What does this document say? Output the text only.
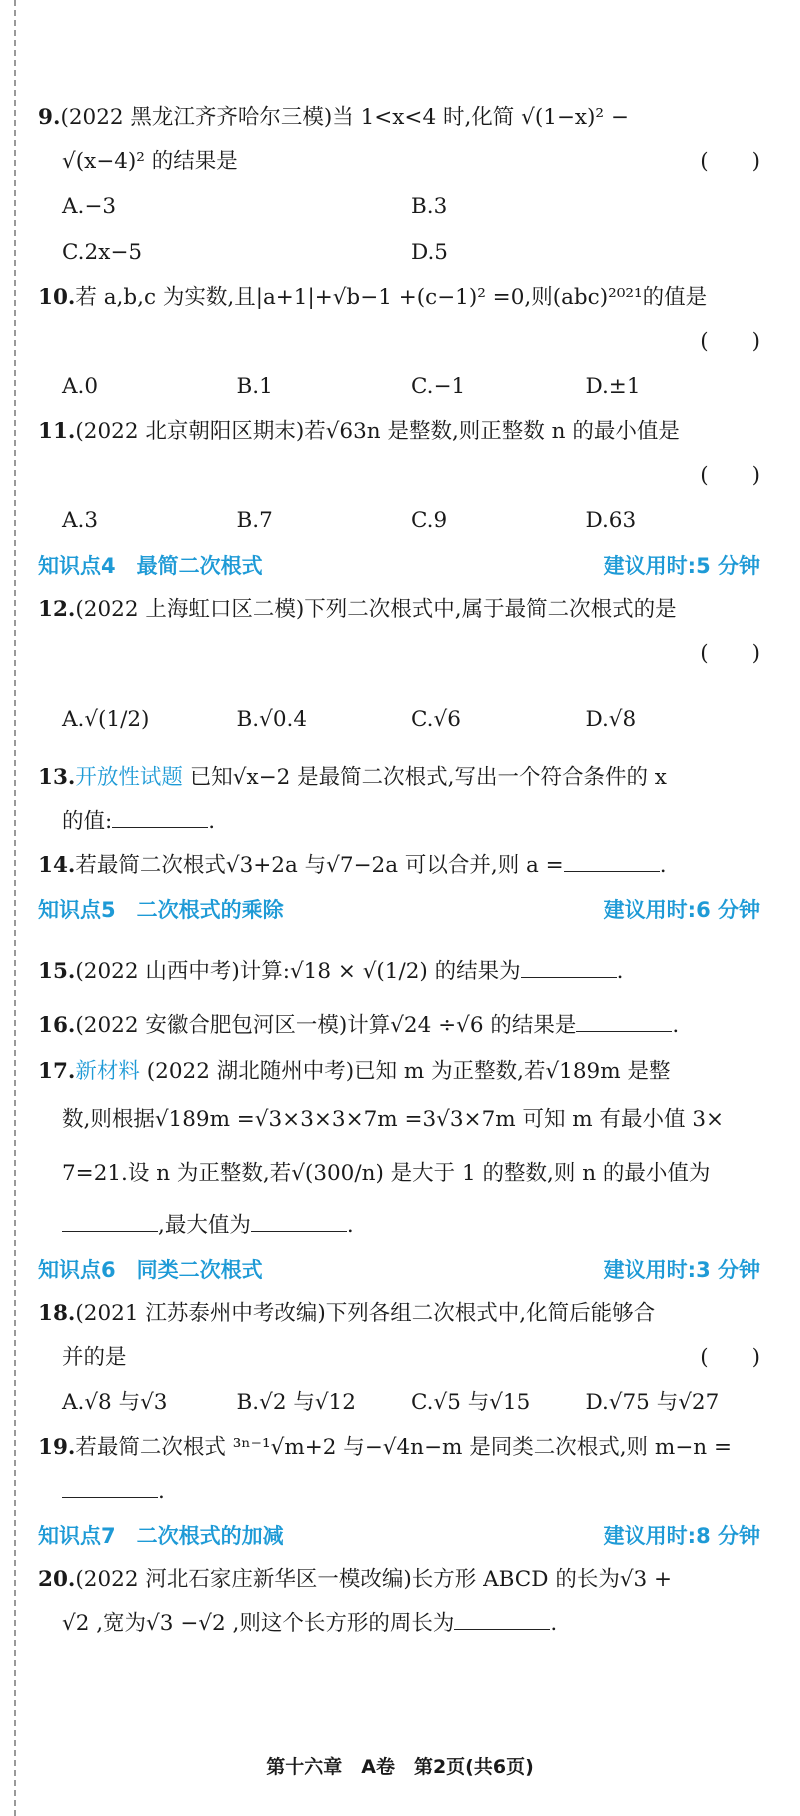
9.(2022 黑龙江齐齐哈尔三模)当 1<x<4 时,化简 √(1−x)² −
√(x−4)² 的结果是	(　　)
A.−3	B.3
C.2x−5	D.5
10.若 a,b,c 为实数,且|a+1|+√b−1 +(c−1)² =0,则(abc)²⁰²¹的值是
(　　)
A.0	B.1	C.−1	D.±1
11.(2022 北京朝阳区期末)若√63n 是整数,则正整数 n 的最小值是
(　　)
A.3	B.7	C.9	D.63
知识点4　最简二次根式	建议用时:5 分钟
12.(2022 上海虹口区二模)下列二次根式中,属于最简二次根式的是
(　　)
A.√(1/2)	B.√0.4	C.√6	D.√8
13.开放性试题 已知√x−2 是最简二次根式,写出一个符合条件的 x
的值:	.
14.若最简二次根式√3+2a 与√7−2a 可以合并,则 a =	.
知识点5　二次根式的乘除	建议用时:6 分钟
15.(2022 山西中考)计算:√18 × √(1/2) 的结果为	.
16.(2022 安徽合肥包河区一模)计算√24 ÷√6 的结果是	.
17.新材料 (2022 湖北随州中考)已知 m 为正整数,若√189m 是整
数,则根据√189m =√3×3×3×7m =3√3×7m 可知 m 有最小值 3×
7=21.设 n 为正整数,若√(300/n) 是大于 1 的整数,则 n 的最小值为
,最大值为	.
知识点6　同类二次根式	建议用时:3 分钟
18.(2021 江苏泰州中考改编)下列各组二次根式中,化简后能够合
并的是	(　　)
A.√8 与√3	B.√2 与√12	C.√5 与√15	D.√75 与√27
19.若最简二次根式 ³ⁿ⁻¹√m+2 与−√4n−m 是同类二次根式,则 m−n =
.
知识点7　二次根式的加减	建议用时:8 分钟
20.(2022 河北石家庄新华区一模改编)长方形 ABCD 的长为√3 +
√2 ,宽为√3 −√2 ,则这个长方形的周长为	.
第十六章　A卷　第2页(共6页)
